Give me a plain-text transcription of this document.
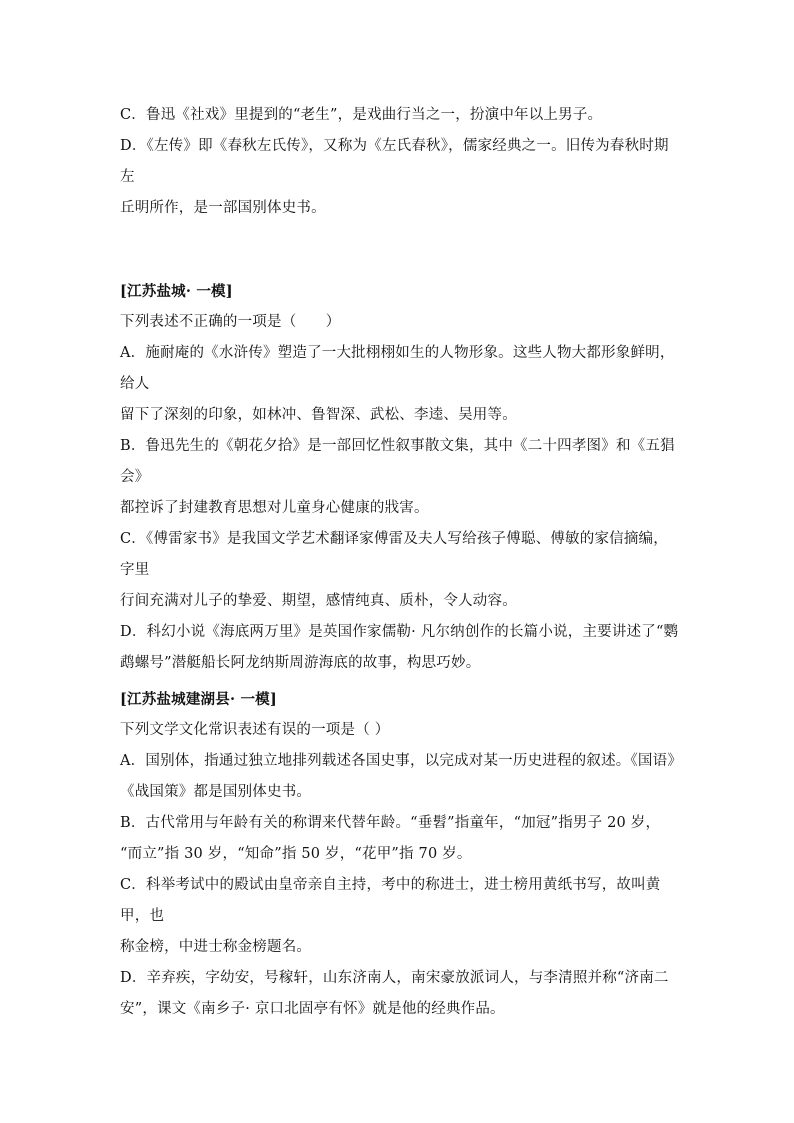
C．鲁迅《社戏》里提到的“老生”，是戏曲行当之一，扮演中年以上男子。

D．《左传》即《春秋左氏传》，又称为《左氏春秋》，儒家经典之一。旧传为春秋时期左

丘明所作，是一部国别体史书。

[江苏盐城· 一模]

下列表述不正确的一项是（　　）

A．施耐庵的《水浒传》塑造了一大批栩栩如生的人物形象。这些人物大都形象鲜明，给人

留下了深刻的印象，如林冲、鲁智深、武松、李逵、吴用等。

B．鲁迅先生的《朝花夕拾》是一部回忆性叙事散文集，其中《二十四孝图》和《五猖会》

都控诉了封建教育思想对儿童身心健康的戕害。

C．《傅雷家书》是我国文学艺术翻译家傅雷及夫人写给孩子傅聪、傅敏的家信摘编，字里

行间充满对儿子的挚爱、期望，感情纯真、质朴，令人动容。

D．科幻小说《海底两万里》是英国作家儒勒· 凡尔纳创作的长篇小说，主要讲述了“鹦

鹉螺号”潜艇船长阿龙纳斯周游海底的故事，构思巧妙。

[江苏盐城建湖县· 一模]

下列文学文化常识表述有误的一项是（ ）

A．国别体，指通过独立地排列载述各国史事，以完成对某一历史进程的叙述。《国语》

《战国策》都是国别体史书。

B．古代常用与年龄有关的称谓来代替年龄。“垂髫”指童年，“加冠”指男子 20 岁，

“而立”指 30 岁，“知命”指 50 岁，“花甲”指 70 岁。

C．科举考试中的殿试由皇帝亲自主持，考中的称进士，进士榜用黄纸书写，故叫黄甲，也

称金榜，中进士称金榜题名。

D．辛弃疾，字幼安，号稼轩，山东济南人，南宋豪放派词人，与李清照并称“济南二

安”，课文《南乡子· 京口北固亭有怀》就是他的经典作品。
